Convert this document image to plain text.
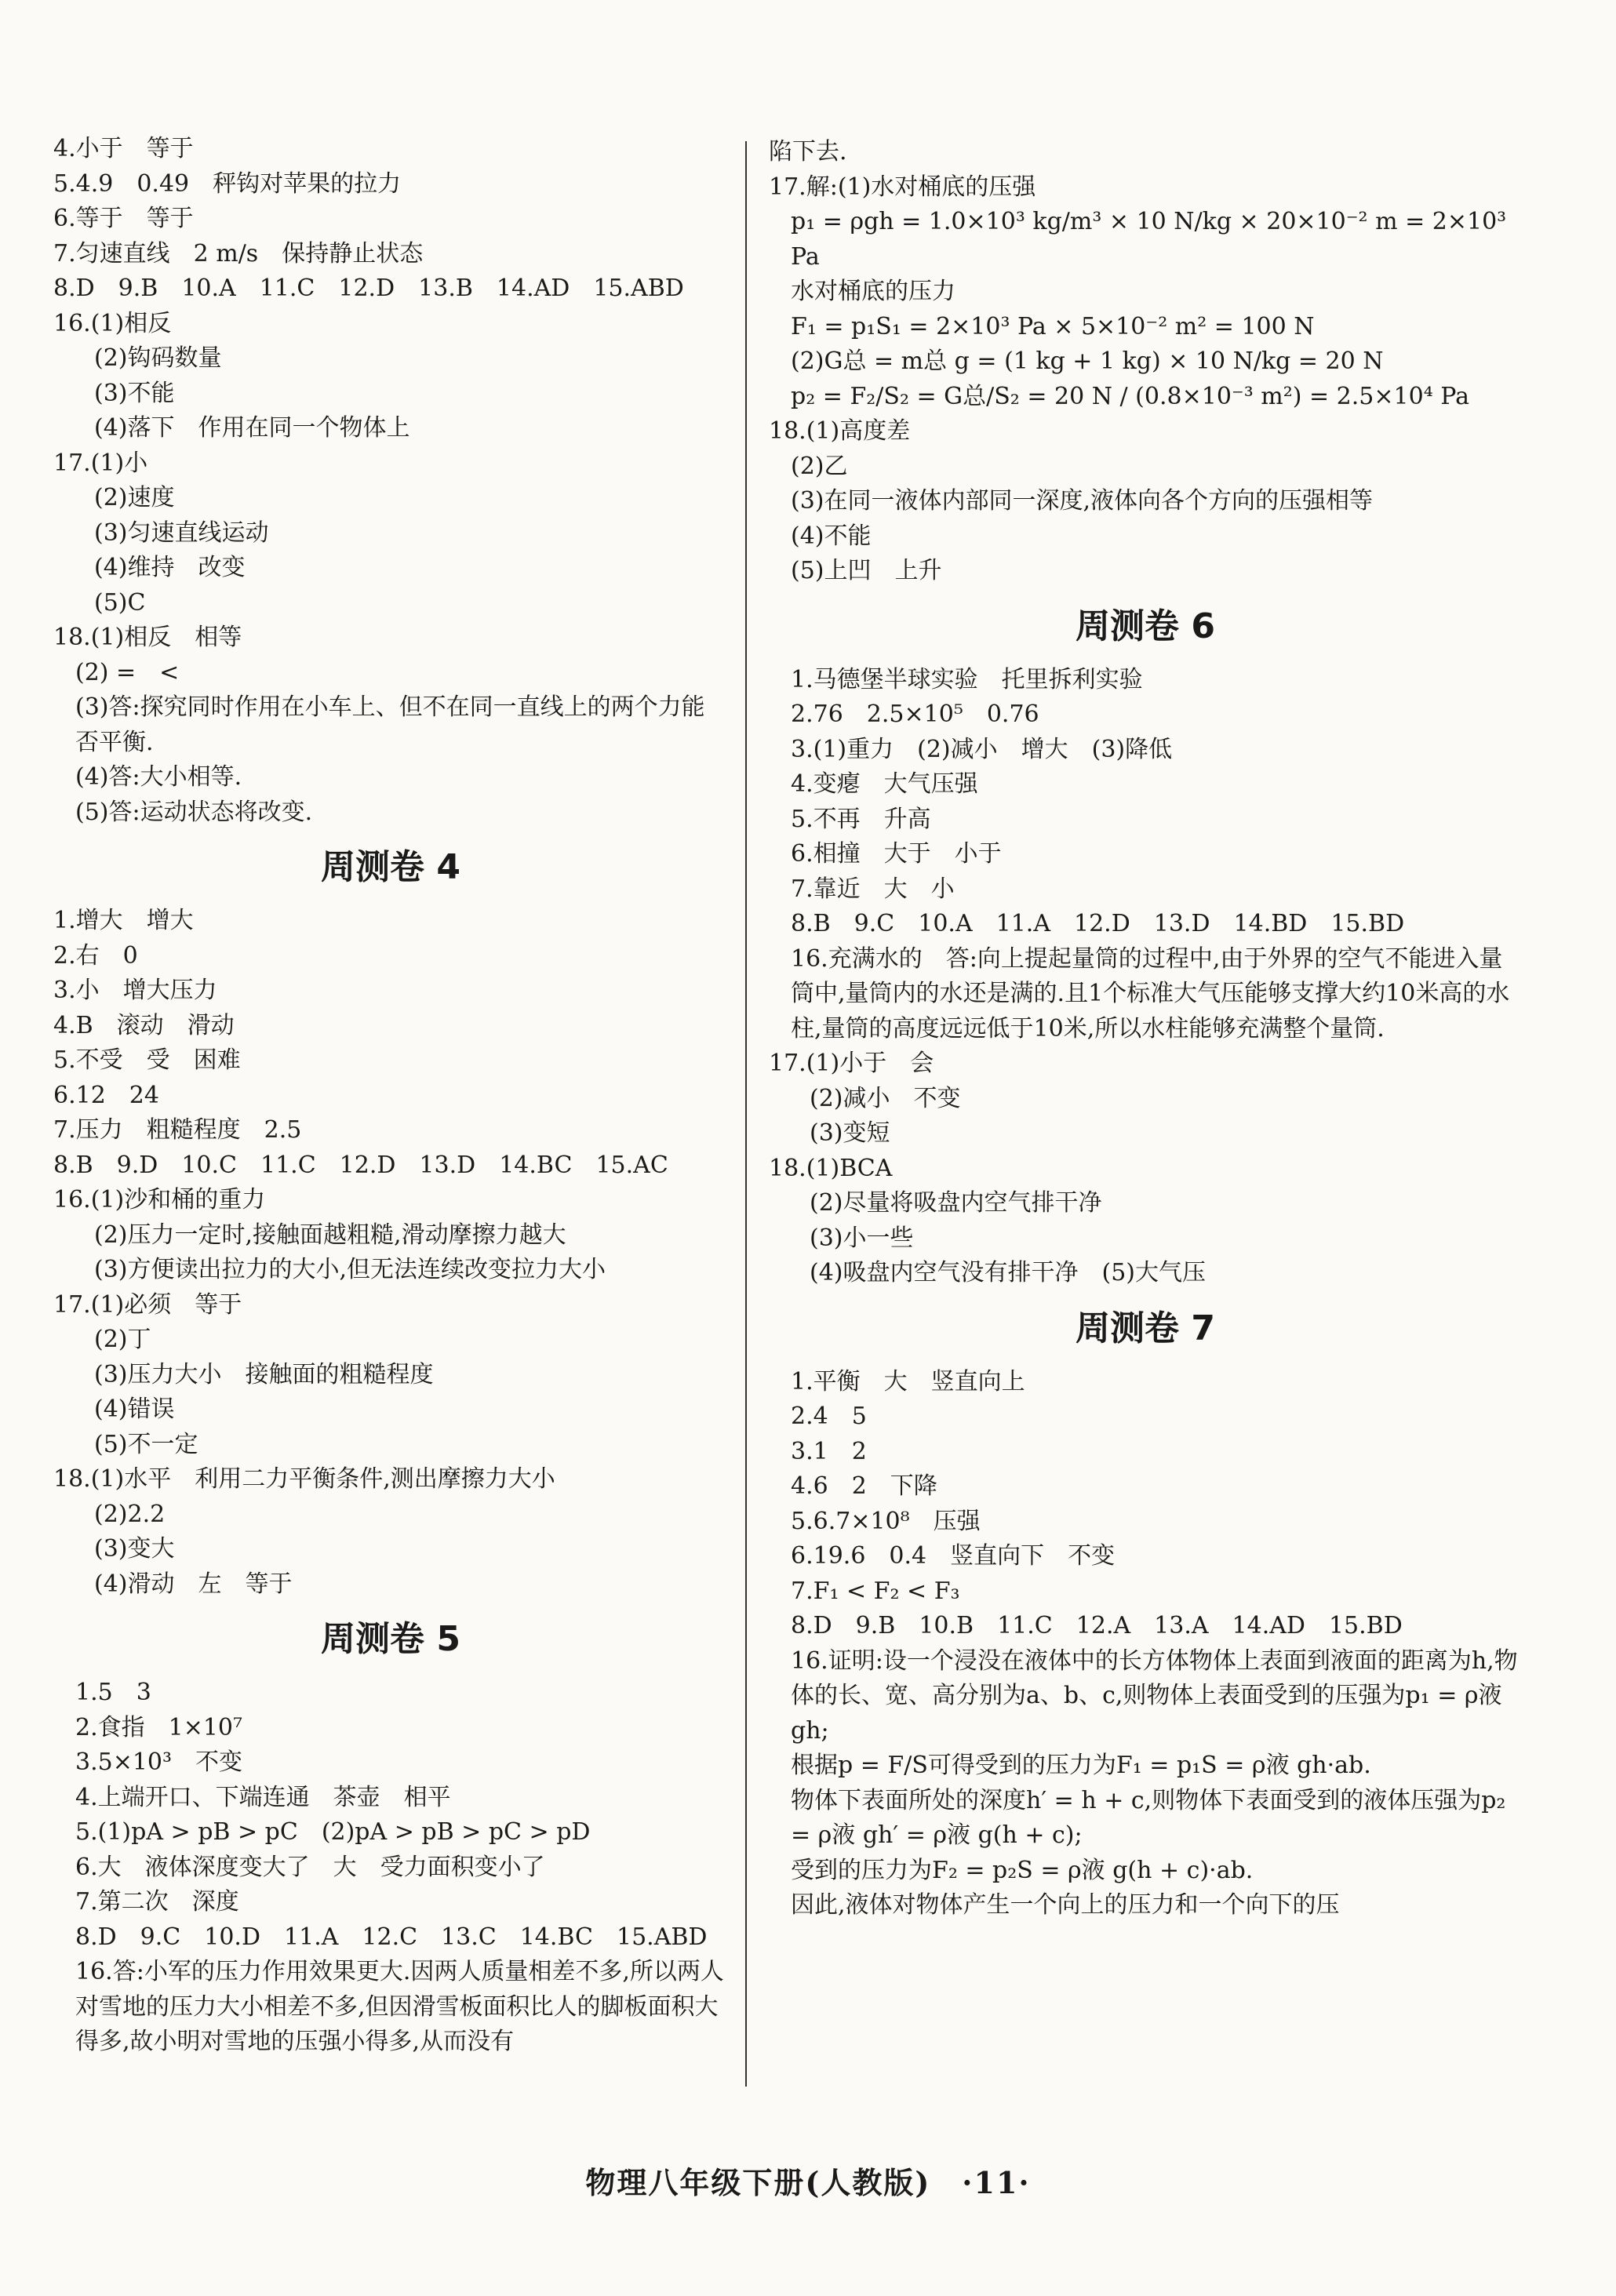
4.小于　等于
5.4.9　0.49　秤钩对苹果的拉力
6.等于　等于
7.匀速直线　2 m/s　保持静止状态
8.D　9.B　10.A　11.C　12.D　13.B　14.AD　15.ABD
16.(1)相反
(2)钩码数量
(3)不能
(4)落下　作用在同一个物体上
17.(1)小
(2)速度
(3)匀速直线运动
(4)维持　改变
(5)C
18.(1)相反　相等
(2) =　<
(3)答:探究同时作用在小车上、但不在同一直线上的两个力能否平衡.
(4)答:大小相等.
(5)答:运动状态将改变.
周测卷 4
1.增大　增大
2.右　0
3.小　增大压力
4.B　滚动　滑动
5.不受　受　困难
6.12　24
7.压力　粗糙程度　2.5
8.B　9.D　10.C　11.C　12.D　13.D　14.BC　15.AC
16.(1)沙和桶的重力
(2)压力一定时,接触面越粗糙,滑动摩擦力越大
(3)方便读出拉力的大小,但无法连续改变拉力大小
17.(1)必须　等于
(2)丁
(3)压力大小　接触面的粗糙程度
(4)错误
(5)不一定
18.(1)水平　利用二力平衡条件,测出摩擦力大小
(2)2.2
(3)变大
(4)滑动　左　等于
周测卷 5
1.5　3
2.食指　1×10⁷
3.5×10³　不变
4.上端开口、下端连通　茶壶　相平
5.(1)pA > pB > pC　(2)pA > pB > pC > pD
6.大　液体深度变大了　大　受力面积变小了
7.第二次　深度
8.D　9.C　10.D　11.A　12.C　13.C　14.BC　15.ABD
16.答:小军的压力作用效果更大.因两人质量相差不多,所以两人对雪地的压力大小相差不多,但因滑雪板面积比人的脚板面积大得多,故小明对雪地的压强小得多,从而没有
陷下去.
17.解:(1)水对桶底的压强
p₁ = ρgh = 1.0×10³ kg/m³ × 10 N/kg × 20×10⁻² m = 2×10³ Pa
水对桶底的压力
F₁ = p₁S₁ = 2×10³ Pa × 5×10⁻² m² = 100 N
(2)G总 = m总 g = (1 kg + 1 kg) × 10 N/kg = 20 N
p₂ = F₂/S₂ = G总/S₂ = 20 N / (0.8×10⁻³ m²) = 2.5×10⁴ Pa
18.(1)高度差
(2)乙
(3)在同一液体内部同一深度,液体向各个方向的压强相等
(4)不能
(5)上凹　上升
周测卷 6
1.马德堡半球实验　托里拆利实验
2.76　2.5×10⁵　0.76
3.(1)重力　(2)减小　增大　(3)降低
4.变瘪　大气压强
5.不再　升高
6.相撞　大于　小于
7.靠近　大　小
8.B　9.C　10.A　11.A　12.D　13.D　14.BD　15.BD
16.充满水的　答:向上提起量筒的过程中,由于外界的空气不能进入量筒中,量筒内的水还是满的.且1个标准大气压能够支撑大约10米高的水柱,量筒的高度远远低于10米,所以水柱能够充满整个量筒.
17.(1)小于　会
(2)减小　不变
(3)变短
18.(1)BCA
(2)尽量将吸盘内空气排干净
(3)小一些
(4)吸盘内空气没有排干净　(5)大气压
周测卷 7
1.平衡　大　竖直向上
2.4　5
3.1　2
4.6　2　下降
5.6.7×10⁸　压强
6.19.6　0.4　竖直向下　不变
7.F₁ < F₂ < F₃
8.D　9.B　10.B　11.C　12.A　13.A　14.AD　15.BD
16.证明:设一个浸没在液体中的长方体物体上表面到液面的距离为h,物体的长、宽、高分别为a、b、c,则物体上表面受到的压强为p₁ = ρ液 gh;
根据p = F/S可得受到的压力为F₁ = p₁S = ρ液 gh·ab.
物体下表面所处的深度h′ = h + c,则物体下表面受到的液体压强为p₂ = ρ液 gh′ = ρ液 g(h + c);
受到的压力为F₂ = p₂S = ρ液 g(h + c)·ab.
因此,液体对物体产生一个向上的压力和一个向下的压
物理八年级下册(人教版)　·11·
